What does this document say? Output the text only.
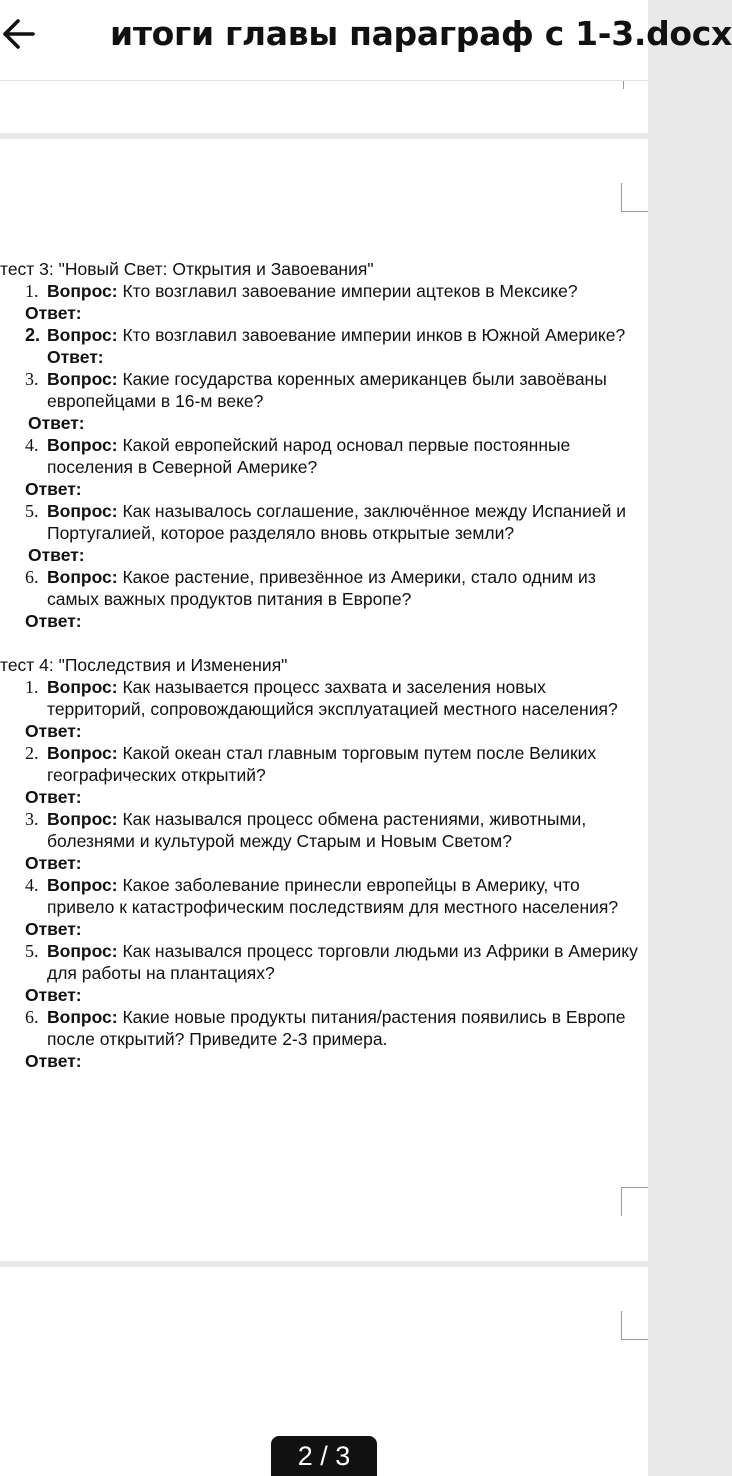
итоги главы параграф с 1-3.docx
тест 3: "Новый Свет: Открытия и Завоевания"
1. Вопрос: Кто возглавил завоевание империи ацтеков в Мексике?
Ответ:
2. Вопрос: Кто возглавил завоевание империи инков в Южной Америке? Ответ:
3. Вопрос: Какие государства коренных американцев были завоёваны европейцами в 16-м веке?
Ответ:
4. Вопрос: Какой европейский народ основал первые постоянные поселения в Северной Америке?
Ответ:
5. Вопрос: Как называлось соглашение, заключённое между Испанией и Португалией, которое разделяло вновь открытые земли?
Ответ:
6. Вопрос: Какое растение, привезённое из Америки, стало одним из самых важных продуктов питания в Европе?
Ответ:
тест 4: "Последствия и Изменения"
1. Вопрос: Как называется процесс захвата и заселения новых территорий, сопровождающийся эксплуатацией местного населения?
Ответ:
2. Вопрос: Какой океан стал главным торговым путем после Великих географических открытий?
Ответ:
3. Вопрос: Как назывался процесс обмена растениями, животными, болезнями и культурой между Старым и Новым Светом?
Ответ:
4. Вопрос: Какое заболевание принесли европейцы в Америку, что привело к катастрофическим последствиям для местного населения?
Ответ:
5. Вопрос: Как назывался процесс торговли людьми из Африки в Америку для работы на плантациях?
Ответ:
6. Вопрос: Какие новые продукты питания/растения появились в Европе после открытий? Приведите 2-3 примера.
Ответ:
2 / 3
